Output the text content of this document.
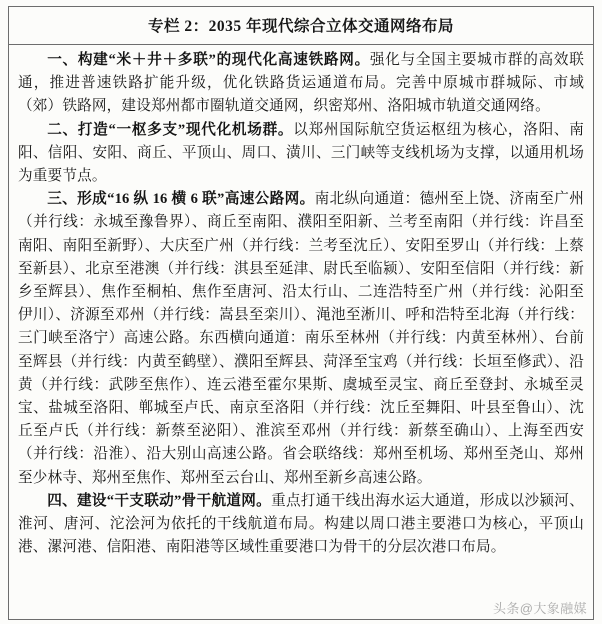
专栏 2：2035 年现代综合立体交通网络布局

一、构建“米＋井＋多联”的现代化高速铁路网。强化与全国主要城市群的高效联通，推进普速铁路扩能升级，优化铁路货运通道布局。完善中原城市群城际、市域（郊）铁路网，建设郑州都市圈轨道交通网，织密郑州、洛阳城市轨道交通网络。

二、打造“一枢多支”现代化机场群。以郑州国际航空货运枢纽为核心，洛阳、南阳、信阳、安阳、商丘、平顶山、周口、潢川、三门峡等支线机场为支撑，以通用机场为重要节点。

三、形成“16 纵 16 横 6 联”高速公路网。南北纵向通道：德州至上饶、济南至广州（并行线：永城至豫鲁界）、商丘至南阳、濮阳至阳新、兰考至南阳（并行线：许昌至南阳、南阳至新野）、大庆至广州（并行线：兰考至沈丘）、安阳至罗山（并行线：上蔡至新县）、北京至港澳（并行线：淇县至延津、尉氏至临颍）、安阳至信阳（并行线：新乡至辉县）、焦作至桐柏、焦作至唐河、沿太行山、二连浩特至广州（并行线：沁阳至伊川）、济源至邓州（并行线：嵩县至栾川）、渑池至淅川、呼和浩特至北海（并行线：三门峡至洛宁）高速公路。东西横向通道：南乐至林州（并行线：内黄至林州）、台前至辉县（并行线：内黄至鹤壁）、濮阳至辉县、菏泽至宝鸡（并行线：长垣至修武）、沿黄（并行线：武陟至焦作）、连云港至霍尔果斯、虞城至灵宝、商丘至登封、永城至灵宝、盐城至洛阳、郸城至卢氏、南京至洛阳（并行线：沈丘至舞阳、叶县至鲁山）、沈丘至卢氏（并行线：新蔡至泌阳）、淮滨至邓州（并行线：新蔡至确山）、上海至西安（并行线：沿淮）、沿大别山高速公路。省会联络线：郑州至机场、郑州至尧山、郑州至少林寺、郑州至焦作、郑州至云台山、郑州至新乡高速公路。

四、建设“干支联动”骨干航道网。重点打通干线出海水运大通道，形成以沙颍河、淮河、唐河、沱浍河为依托的干线航道布局。构建以周口港主要港口为核心，平顶山港、漯河港、信阳港、南阳港等区域性重要港口为骨干的分层次港口布局。

头条@大象融媒
